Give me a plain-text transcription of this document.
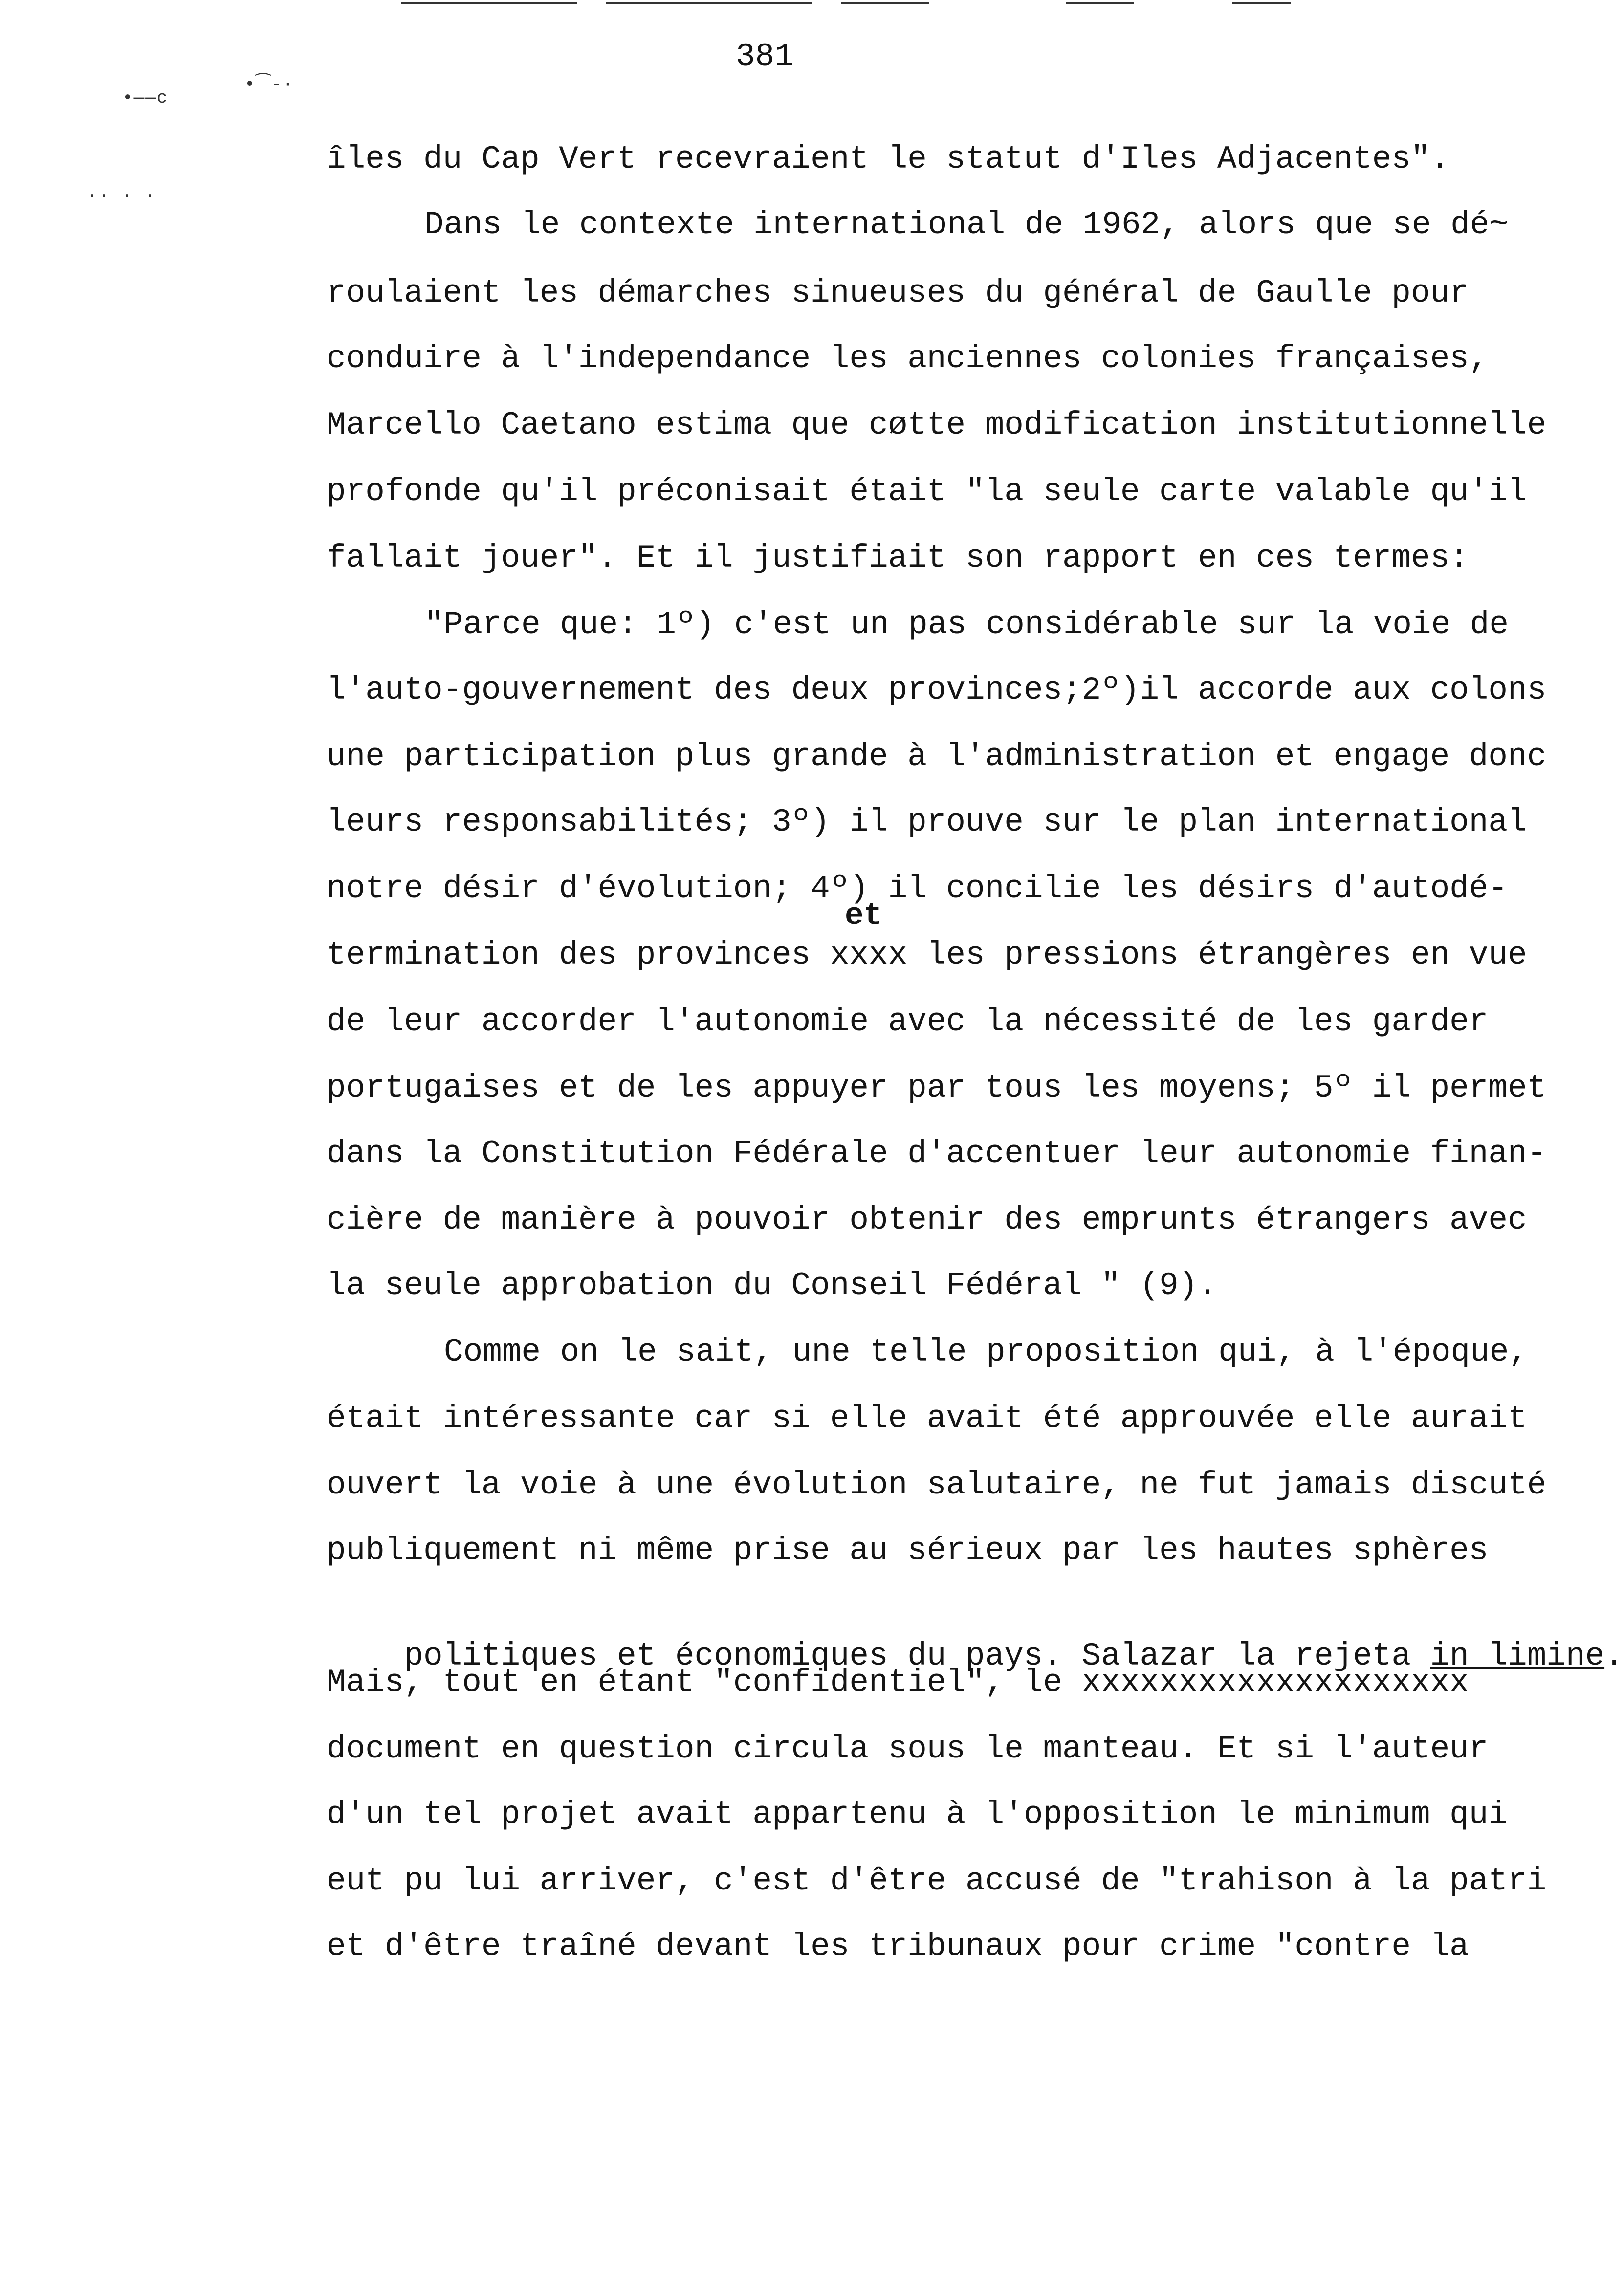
381
•——c
•⁀-·
·· · ·
et
îles du Cap Vert recevraient le statut d'Iles Adjacentes".
Dans le contexte international de 1962, alors que se dé~
roulaient les démarches sinueuses du général de Gaulle pour
conduire à l'independance les anciennes colonies françaises,
Marcello Caetano estima que cøtte modification institutionnelle
profonde qu'il préconisait était "la seule carte valable qu'il
fallait jouer". Et il justifiait son rapport en ces termes:
"Parce que: 1º) c'est un pas considérable sur la voie de
l'auto-gouvernement des deux provinces;2º)il accorde aux colons
une participation plus grande à l'administration et engage donc
leurs responsabilités; 3º) il prouve sur le plan international
notre désir d'évolution; 4º) il concilie les désirs d'autodé-
termination des provinces xxxx les pressions étrangères en vue
de leur accorder l'autonomie avec la nécessité de les garder
portugaises et de les appuyer par tous les moyens; 5º il permet
dans la Constitution Fédérale d'accentuer leur autonomie finan-
cière de manière à pouvoir obtenir des emprunts étrangers avec
la seule approbation du Conseil Fédéral " (9).
Comme on le sait, une telle proposition qui, à l'époque,
était intéressante car si elle avait été approuvée elle aurait
ouvert la voie à une évolution salutaire, ne fut jamais discuté
publiquement ni même prise au sérieux par les hautes sphères

politiques et économiques du pays. Salazar la rejeta in limine.

Mais, tout en étant "confidentiel", le xxxxxxxxxxxxxxxxxxxx
document en question circula sous le manteau. Et si l'auteur
d'un tel projet avait appartenu à l'opposition le minimum qui
eut pu lui arriver, c'est d'être accusé de "trahison à la patri
et d'être traîné devant les tribunaux pour crime "contre la
